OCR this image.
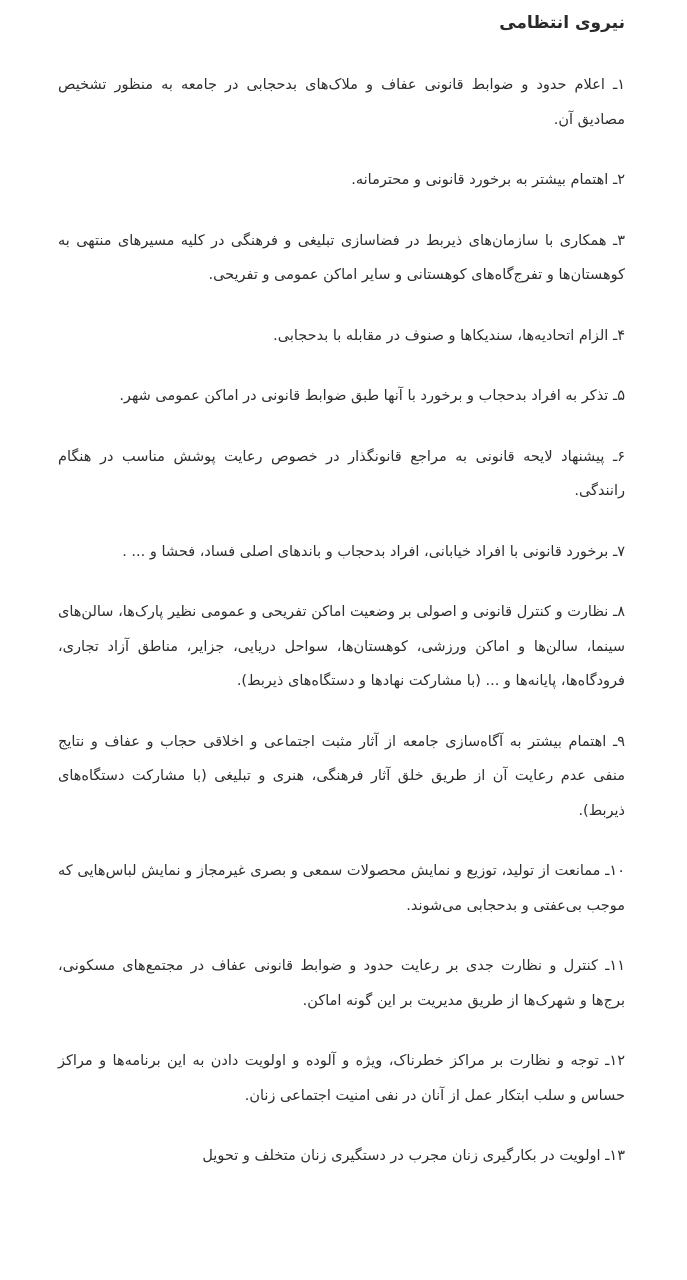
نیروی انتظامی

۱ـ اعلام حدود و ضوابط قانونی عفاف و ملاک‌های بدحجابی در جامعه به منظور تشخیص مصادیق آن.

۲ـ اهتمام بیشتر به برخورد قانونی و محترمانه.

۳ـ همکاری با سازمان‌های ذیربط در فضاسازی تبلیغی و فرهنگی در کلیه مسیرهای منتهی به کوهستان‌ها و تفرج‌گاه‌های کوهستانی و سایر اماکن عمومی و تفریحی.

۴ـ الزام اتحادیه‌ها، سندیکاها و صنوف در مقابله با بدحجابی.

۵ـ تذکر به افراد بدحجاب و برخورد با آنها طبق ضوابط قانونی در اماکن عمومی شهر.

۶ـ پیشنهاد لایحه قانونی به مراجع قانونگذار در خصوص رعایت پوشش مناسب در هنگام رانندگی.

۷ـ برخورد قانونی با افراد خیابانی، افراد بدحجاب و باندهای اصلی فساد، فحشا و ... .

۸ـ نظارت و کنترل قانونی و اصولی بر وضعیت اماکن تفریحی و عمومی نظیر پارک‌ها، سالن‌های سینما، سالن‌ها و اماکن ورزشی، کوهستان‌ها، سواحل دریایی، جزایر، مناطق آزاد تجاری، فرودگاه‌ها، پایانه‌ها و ... (با مشارکت نهادها و دستگاه‌های ذیربط).

۹ـ اهتمام بیشتر به آگاه‌سازی جامعه از آثار مثبت اجتماعی و اخلاقی حجاب و عفاف و نتایج منفی عدم رعایت آن از طریق خلق آثار فرهنگی، هنری و تبلیغی (با مشارکت دستگاه‌های ذیربط).

۱۰ـ ممانعت از تولید، توزیع و نمایش محصولات سمعی و بصری غیرمجاز و نمایش لباس‌هایی که موجب بی‌عفتی و بدحجابی می‌شوند.

۱۱ـ کنترل و نظارت جدی بر رعایت حدود و ضوابط قانونی عفاف در مجتمع‌های مسکونی، برج‌ها و شهرک‌ها از طریق مدیریت بر این گونه اماکن.

۱۲ـ توجه و نظارت بر مراکز خطرناک، ویژه و آلوده و اولویت دادن به این برنامه‌ها و مراکز حساس و سلب ابتکار عمل از آنان در نفی امنیت اجتماعی زنان.

۱۳ـ اولویت در بکارگیری زنان مجرب در دستگیری زنان متخلف و تحویل
